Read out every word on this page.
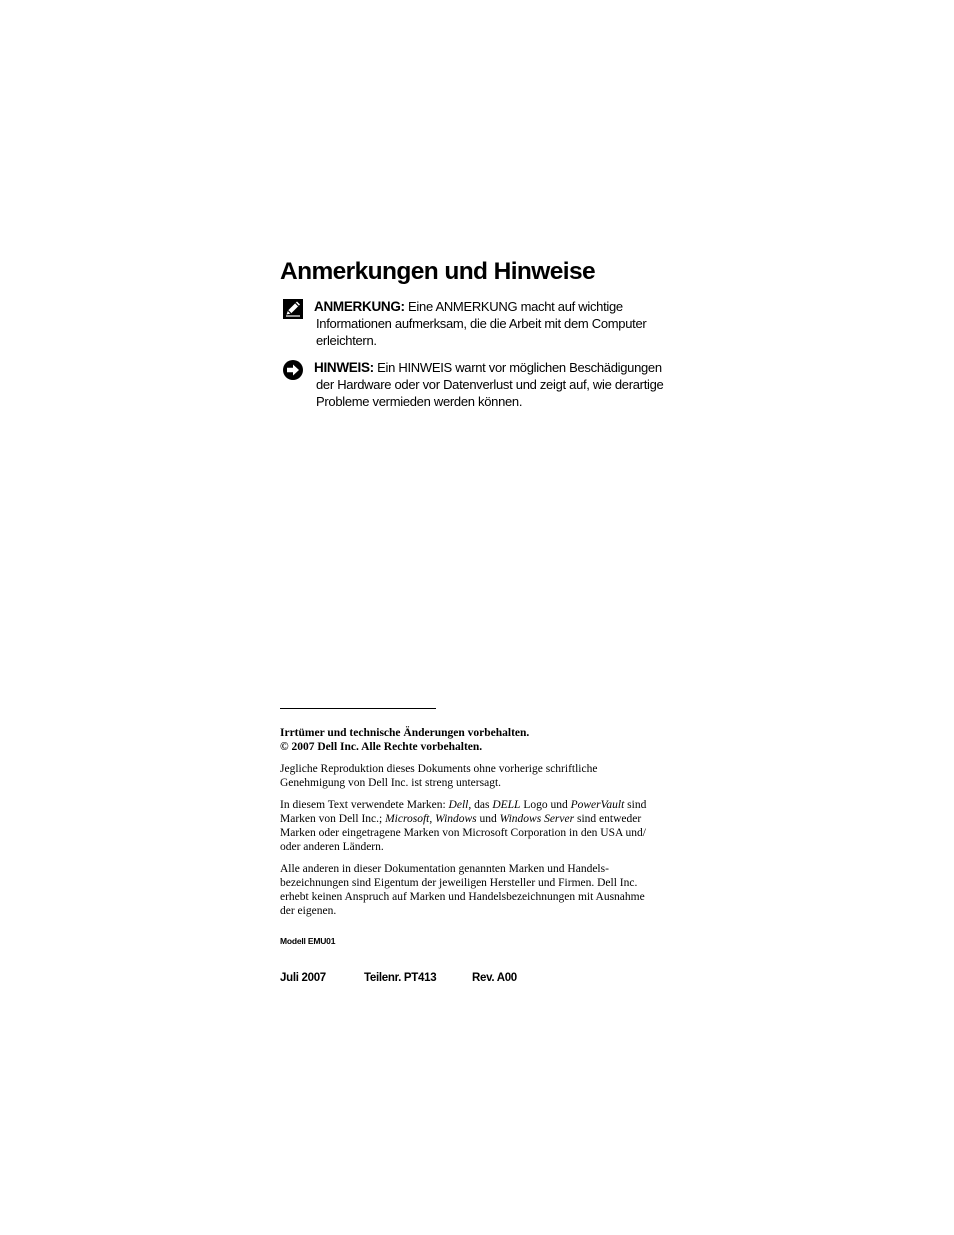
Anmerkungen und Hinweise
ANMERKUNG: Eine ANMERKUNG macht auf wichtige
Informationen aufmerksam, die die Arbeit mit dem Computer
erleichtern.
HINWEIS: Ein HINWEIS warnt vor möglichen Beschädigungen
der Hardware oder vor Datenverlust und zeigt auf, wie derartige
Probleme vermieden werden können.
Irrtümer und technische Änderungen vorbehalten.
© 2007 Dell Inc. Alle Rechte vorbehalten.
Jegliche Reproduktion dieses Dokuments ohne vorherige schriftliche
Genehmigung von Dell Inc. ist streng untersagt.
In diesem Text verwendete Marken: Dell, das DELL Logo und PowerVault sind
Marken von Dell Inc.; Microsoft, Windows und Windows Server sind entweder
Marken oder eingetragene Marken von Microsoft Corporation in den USA und/
oder anderen Ländern.
Alle anderen in dieser Dokumentation genannten Marken und Handels-
bezeichnungen sind Eigentum der jeweiligen Hersteller und Firmen. Dell Inc.
erhebt keinen Anspruch auf Marken und Handelsbezeichnungen mit Ausnahme
der eigenen.
Modell EMU01
Juli 2007	Teilenr. PT413	Rev. A00
